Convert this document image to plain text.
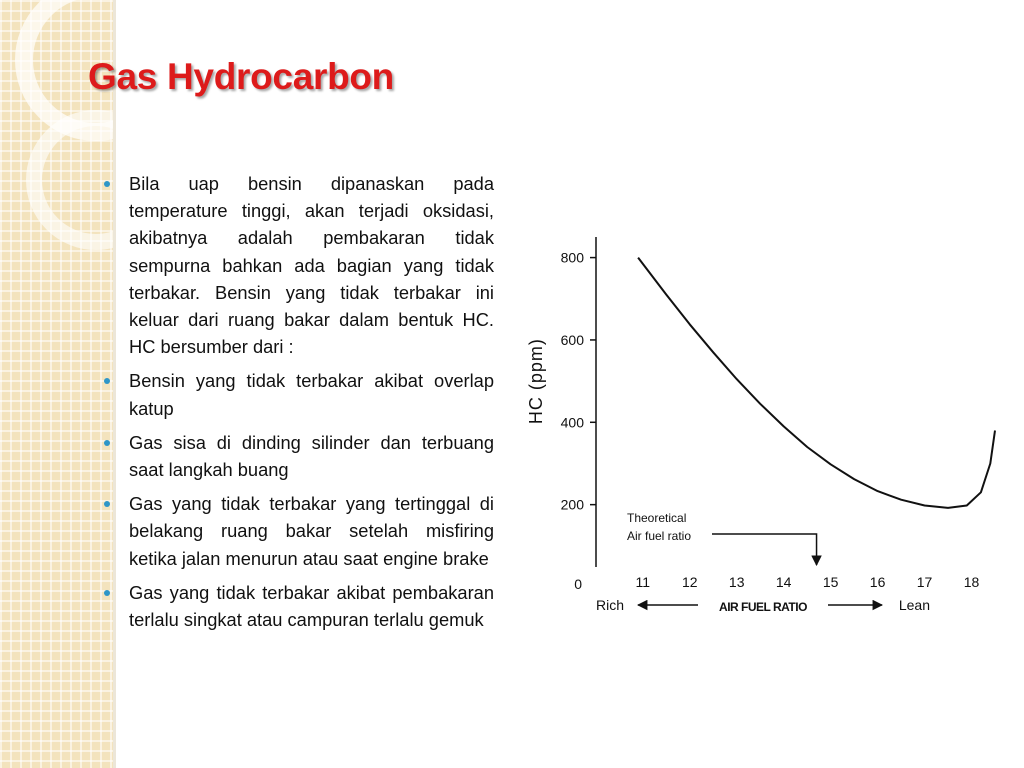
Gas Hydrocarbon
Bila uap bensin dipanaskan pada temperature tinggi, akan terjadi oksidasi, akibatnya adalah pembakaran tidak sempurna bahkan ada bagian yang tidak terbakar. Bensin yang tidak terbakar ini keluar dari ruang bakar dalam bentuk HC. HC bersumber dari :
Bensin yang tidak terbakar akibat overlap katup
Gas sisa di dinding silinder dan terbuang saat langkah buang
Gas yang tidak terbakar yang tertinggal di belakang ruang bakar setelah misfiring ketika jalan menurun atau saat engine brake
Gas yang tidak terbakar akibat pembakaran terlalu singkat atau campuran terlalu gemuk
200
400
600
800
0
HC (ppm)
11 12 13 14 15 16 17 18
Rich	Lean
AIR FUEL RATIO
Theoretical
Air fuel ratio
